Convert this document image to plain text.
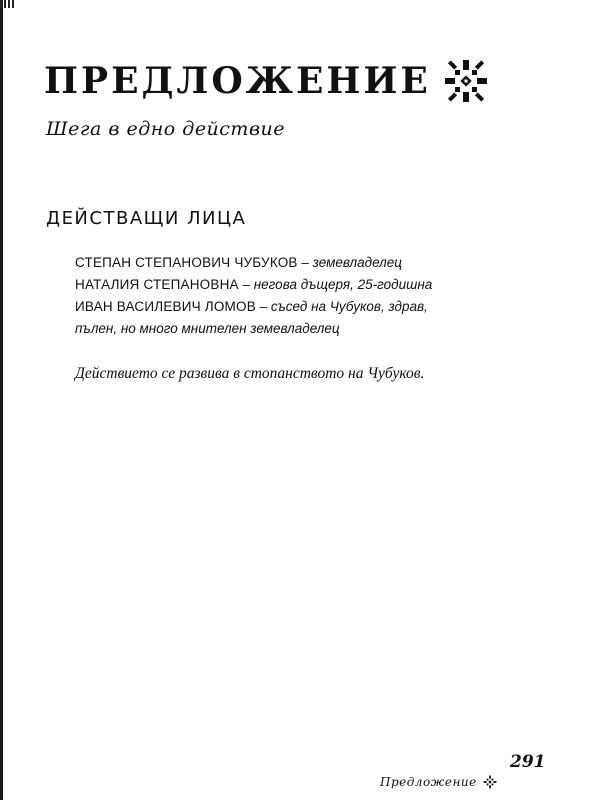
ПРЕДЛОЖЕНИЕ
Шега в едно действие
ДЕЙСТВАЩИ ЛИЦА
СТЕПАН СТЕПАНОВИЧ ЧУБУКОВ – земевладелец
НАТАЛИЯ СТЕПАНОВНА – негова дъщеря, 25-годишна
ИВАН ВАСИЛЕВИЧ ЛОМОВ – съсед на Чубуков, здрав,
пълен, но много мнителен земевладелец
Действието се развива в стопанството на Чубуков.
291
Предложение
